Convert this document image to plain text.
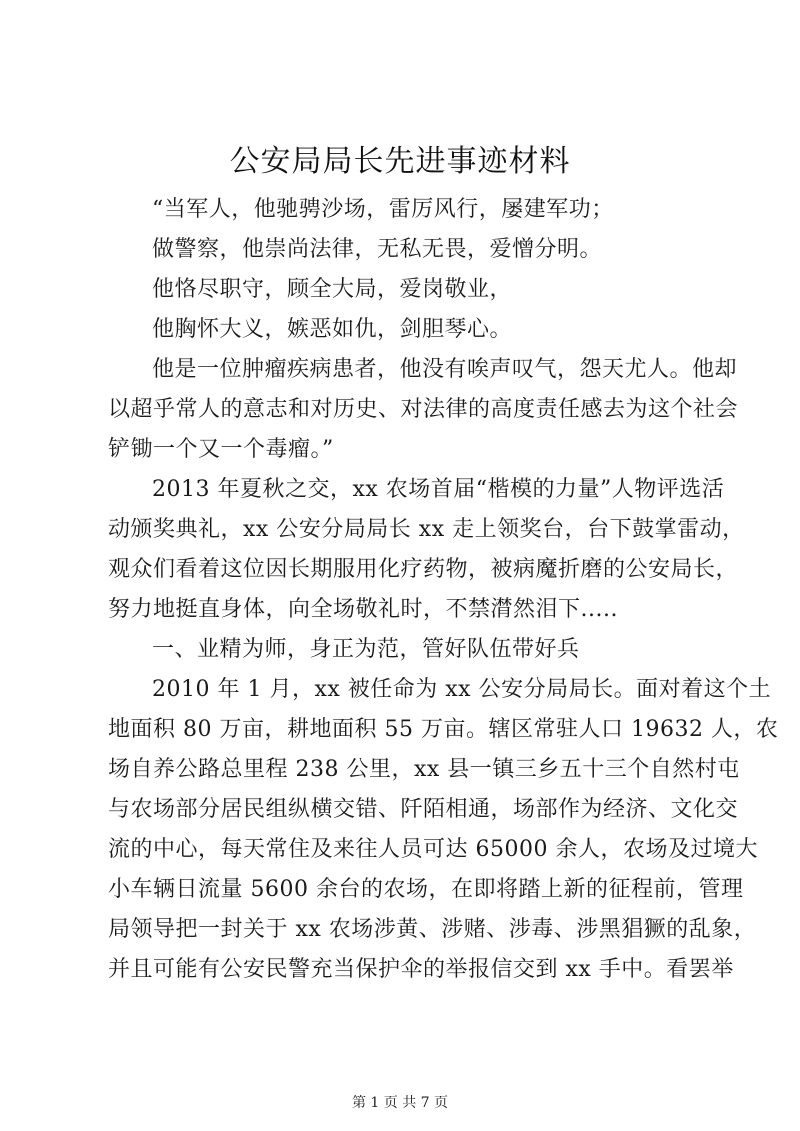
公安局局长先进事迹材料
“当军人，他驰骋沙场，雷厉风行，屡建军功；
做警察，他崇尚法律，无私无畏，爱憎分明。
他恪尽职守，顾全大局，爱岗敬业，
他胸怀大义，嫉恶如仇，剑胆琴心。
他是一位肿瘤疾病患者，他没有唉声叹气，怨天尤人。他却
以超乎常人的意志和对历史、对法律的高度责任感去为这个社会
铲锄一个又一个毒瘤。”
2013 年夏秋之交，xx 农场首届“楷模的力量”人物评选活
动颁奖典礼，xx 公安分局局长 xx 走上领奖台，台下鼓掌雷动，
观众们看着这位因长期服用化疗药物，被病魔折磨的公安局长，
努力地挺直身体，向全场敬礼时，不禁潸然泪下.....
一、业精为师，身正为范，管好队伍带好兵
2010 年 1 月，xx 被任命为 xx 公安分局局长。面对着这个土
地面积 80 万亩，耕地面积 55 万亩。辖区常驻人口 19632 人，农
场自养公路总里程 238 公里，xx 县一镇三乡五十三个自然村屯
与农场部分居民组纵横交错、阡陌相通，场部作为经济、文化交
流的中心，每天常住及来往人员可达 65000 余人，农场及过境大
小车辆日流量 5600 余台的农场，在即将踏上新的征程前，管理
局领导把一封关于 xx 农场涉黄、涉赌、涉毒、涉黑猖獗的乱象，
并且可能有公安民警充当保护伞的举报信交到 xx 手中。看罢举
第 1 页 共 7 页
